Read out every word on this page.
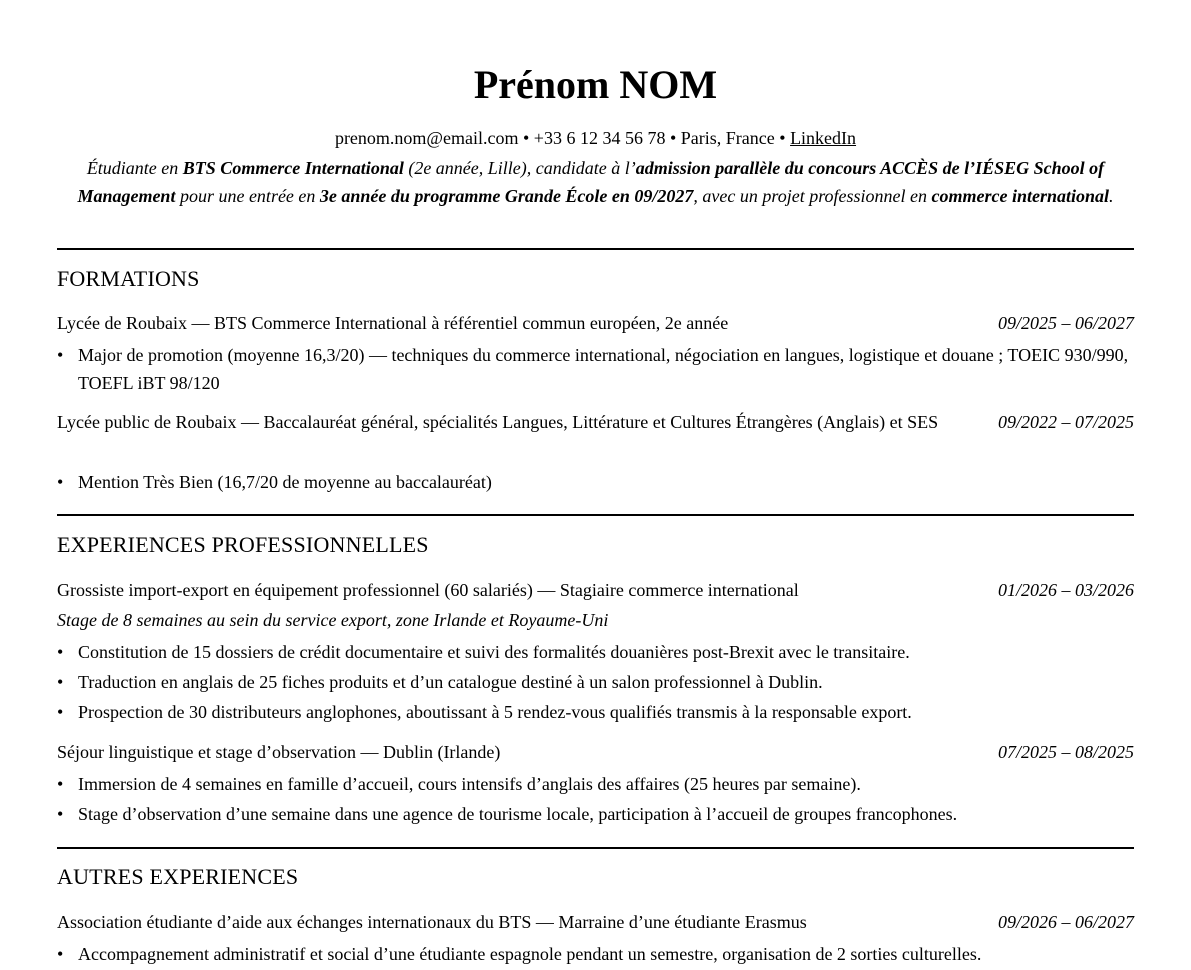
Prénom NOM
prenom.nom@email.com • +33 6 12 34 56 78 • Paris, France • LinkedIn
Étudiante en BTS Commerce International (2e année, Lille), candidate à l’admission parallèle du concours ACCÈS de l’IÉSEG School of Management pour une entrée en 3e année du programme Grande École en 09/2027, avec un projet professionnel en commerce international.
FORMATIONS
Lycée de Roubaix — BTS Commerce International à référentiel commun européen, 2e année	09/2025 – 06/2027
• Major de promotion (moyenne 16,3/20) — techniques du commerce international, négociation en langues, logistique et douane ; TOEIC 930/990, TOEFL iBT 98/120
Lycée public de Roubaix — Baccalauréat général, spécialités Langues, Littérature et Cultures Étrangères (Anglais) et SES	09/2022 – 07/2025
• Mention Très Bien (16,7/20 de moyenne au baccalauréat)
EXPERIENCES PROFESSIONNELLES
Grossiste import-export en équipement professionnel (60 salariés) — Stagiaire commerce international	01/2026 – 03/2026
Stage de 8 semaines au sein du service export, zone Irlande et Royaume-Uni
• Constitution de 15 dossiers de crédit documentaire et suivi des formalités douanières post-Brexit avec le transitaire.
• Traduction en anglais de 25 fiches produits et d’un catalogue destiné à un salon professionnel à Dublin.
• Prospection de 30 distributeurs anglophones, aboutissant à 5 rendez-vous qualifiés transmis à la responsable export.
Séjour linguistique et stage d’observation — Dublin (Irlande)	07/2025 – 08/2025
• Immersion de 4 semaines en famille d’accueil, cours intensifs d’anglais des affaires (25 heures par semaine).
• Stage d’observation d’une semaine dans une agence de tourisme locale, participation à l’accueil de groupes francophones.
AUTRES EXPERIENCES
Association étudiante d’aide aux échanges internationaux du BTS — Marraine d’une étudiante Erasmus	09/2026 – 06/2027
• Accompagnement administratif et social d’une étudiante espagnole pendant un semestre, organisation de 2 sorties culturelles.
